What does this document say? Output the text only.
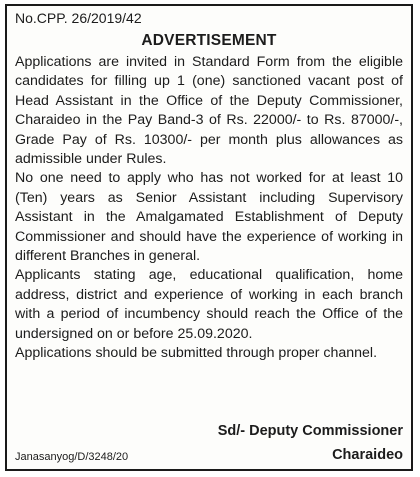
No.CPP. 26/2019/42
ADVERTISEMENT

Applications are invited in Standard Form from the eligible candidates for filling up 1 (one) sanctioned vacant post of Head Assistant in the Office of the Deputy Commissioner, Charaideo in the Pay Band-3 of Rs. 22000/- to Rs. 87000/-, Grade Pay of Rs. 10300/- per month plus allowances as admissible under Rules.

No one need to apply who has not worked for at least 10 (Ten) years as Senior Assistant including Supervisory Assistant in the Amalgamated Establishment of Deputy Commissioner and should have the experience of working in different Branches in general.

Applicants stating age, educational qualification, home address, district and experience of working in each branch with a period of incumbency should reach the Office of the undersigned on or before 25.09.2020.

Applications should be submitted through proper channel.

Sd/- Deputy Commissioner
Janasanyog/D/3248/20	Charaideo
